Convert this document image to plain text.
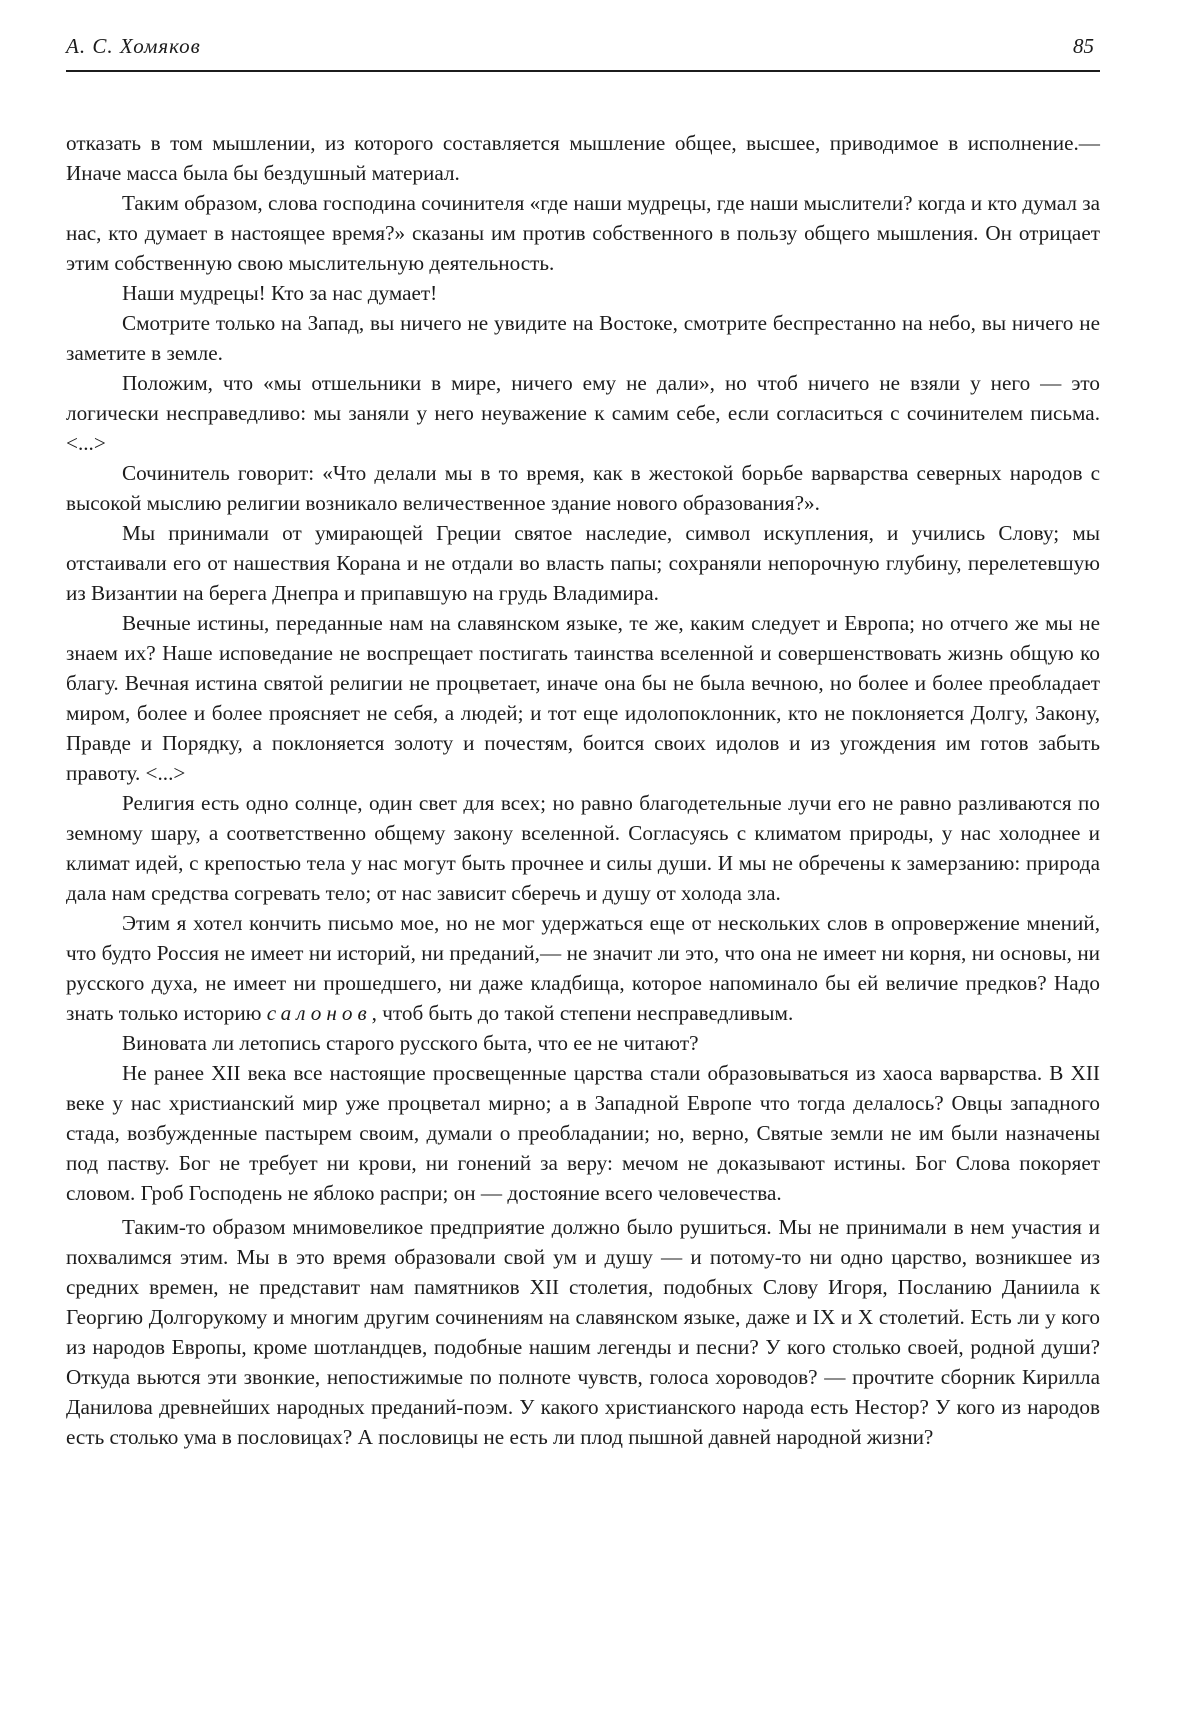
А. С. Хомяков	85

отказать в том мышлении, из которого составляется мышление общее, высшее, приводимое в исполнение.— Иначе масса была бы бездушный материал.

Таким образом, слова господина сочинителя «где наши мудрецы, где наши мыслители? когда и кто думал за нас, кто думает в настоящее время?» сказаны им против собственного в пользу общего мышления. Он отрицает этим собственную свою мыслительную деятельность.

Наши мудрецы! Кто за нас думает!

Смотрите только на Запад, вы ничего не увидите на Востоке, смотрите беспрестанно на небо, вы ничего не заметите в земле.

Положим, что «мы отшельники в мире, ничего ему не дали», но чтоб ничего не взяли у него — это логически несправедливо: мы заняли у него неуважение к самим себе, если согласиться с сочинителем письма. <...>

Сочинитель говорит: «Что делали мы в то время, как в жестокой борьбе варварства северных народов с высокой мыслию религии возникало величественное здание нового образования?».

Мы принимали от умирающей Греции святое наследие, символ искупления, и учились Слову; мы отстаивали его от нашествия Корана и не отдали во власть папы; сохраняли непорочную глубину, перелетевшую из Византии на берега Днепра и припавшую на грудь Владимира.

Вечные истины, переданные нам на славянском языке, те же, каким следует и Европа; но отчего же мы не знаем их? Наше исповедание не воспрещает постигать таинства вселенной и совершенствовать жизнь общую ко благу. Вечная истина святой религии не процветает, иначе она бы не была вечною, но более и более преобладает миром, более и более проясняет не себя, а людей; и тот еще идолопоклонник, кто не поклоняется Долгу, Закону, Правде и Порядку, а поклоняется золоту и почестям, боится своих идолов и из угождения им готов забыть правоту. <...>

Религия есть одно солнце, один свет для всех; но равно благодетельные лучи его не равно разливаются по земному шару, а соответственно общему закону вселенной. Согласуясь с климатом природы, у нас холоднее и климат идей, с крепостью тела у нас могут быть прочнее и силы души. И мы не обречены к замерзанию: природа дала нам средства согревать тело; от нас зависит сберечь и душу от холода зла.

Этим я хотел кончить письмо мое, но не мог удержаться еще от нескольких слов в опровержение мнений, что будто Россия не имеет ни историй, ни преданий,— не значит ли это, что она не имеет ни корня, ни основы, ни русского духа, не имеет ни прошедшего, ни даже кладбища, которое напоминало бы ей величие предков? Надо знать только историю салонов, чтоб быть до такой степени несправедливым.

Виновата ли летопись старого русского быта, что ее не читают?

Не ранее XII века все настоящие просвещенные царства стали образовываться из хаоса варварства. В XII веке у нас христианский мир уже процветал мирно; а в Западной Европе что тогда делалось? Овцы западного стада, возбужденные пастырем своим, думали о преобладании; но, верно, Святые земли не им были назначены под паству. Бог не требует ни крови, ни гонений за веру: мечом не доказывают истины. Бог Слова покоряет словом. Гроб Господень не яблоко распри; он — достояние всего человечества.

Таким-то образом мнимовеликое предприятие должно было рушиться. Мы не принимали в нем участия и похвалимся этим. Мы в это время образовали свой ум и душу — и потому-то ни одно царство, возникшее из средних времен, не представит нам памятников XII столетия, подобных Слову Игоря, Посланию Даниила к Георгию Долгорукому и многим другим сочинениям на славянском языке, даже и IX и X столетий. Есть ли у кого из народов Европы, кроме шотландцев, подобные нашим легенды и песни? У кого столько своей, родной души? Откуда вьются эти звонкие, непостижимые по полноте чувств, голоса хороводов? — прочтите сборник Кирилла Данилова древнейших народных преданий-поэм. У какого христианского народа есть Нестор? У кого из народов есть столько ума в пословицах? А пословицы не есть ли плод пышной давней народной жизни?
